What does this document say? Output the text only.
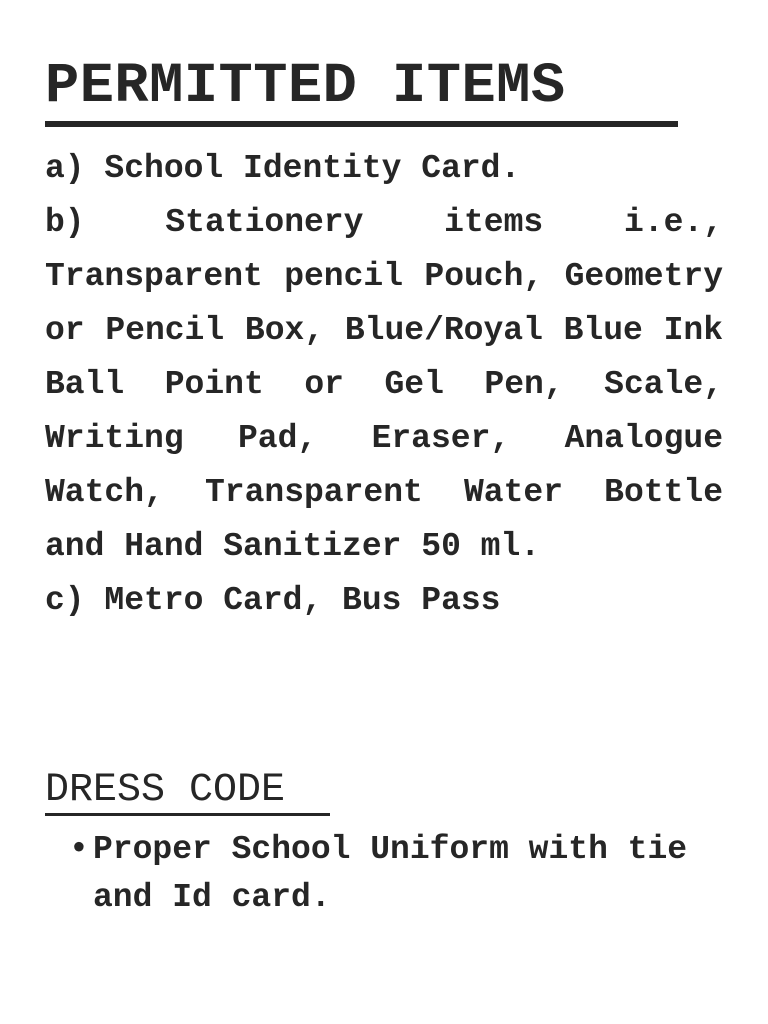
PERMITTED ITEMS

a) School Identity Card.

b) Stationery items i.e., Transparent pencil Pouch, Geometry or Pencil Box, Blue/Royal Blue Ink Ball Point or Gel Pen, Scale, Writing Pad, Eraser, Analogue Watch, Transparent Water Bottle and Hand Sanitizer 50 ml.

c) Metro Card, Bus Pass

DRESS CODE
• Proper School Uniform with tie and Id card.
